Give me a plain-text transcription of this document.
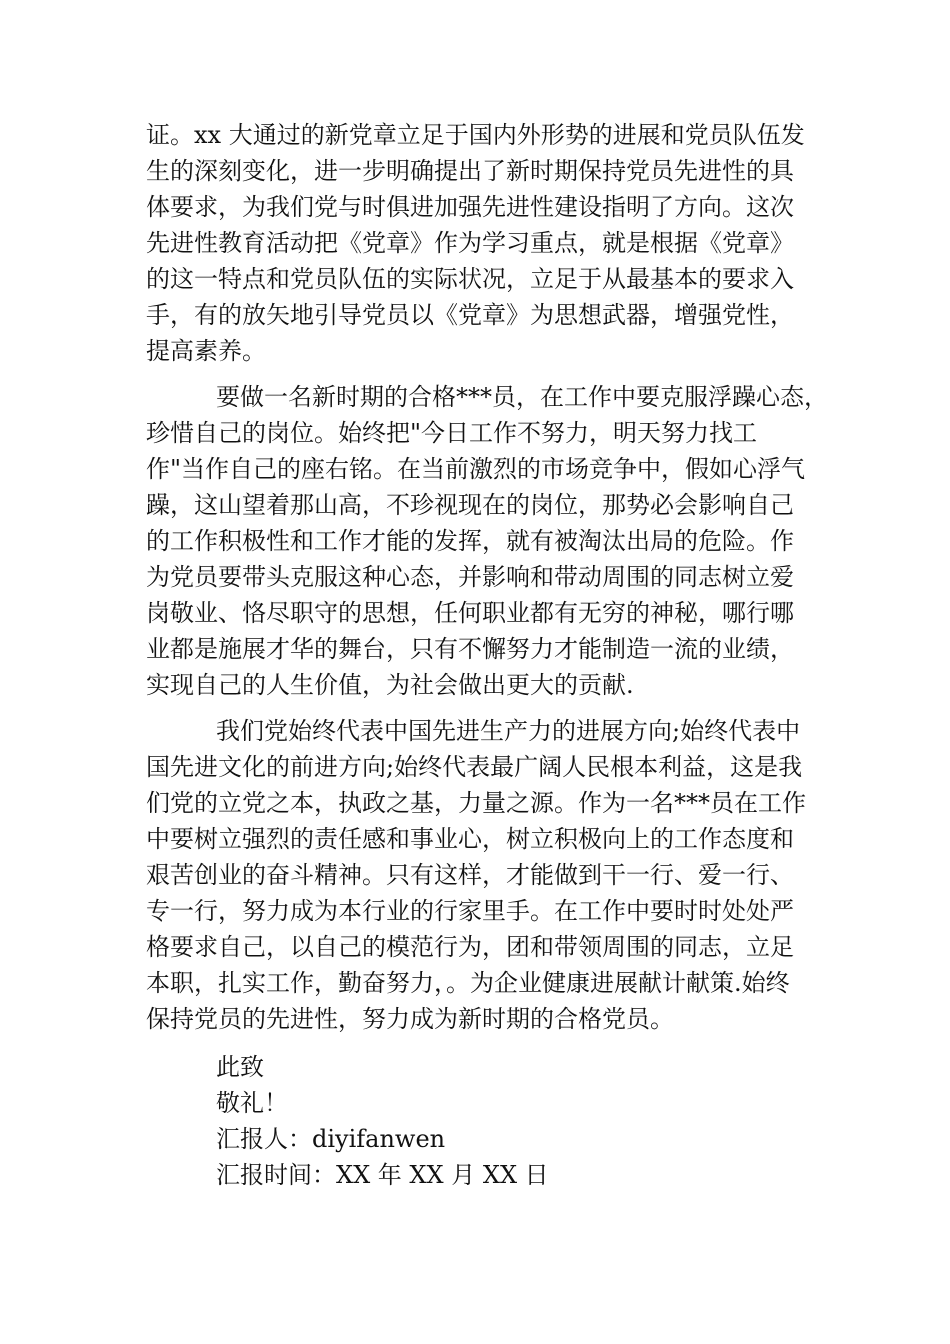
证。xx 大通过的新党章立足于国内外形势的进展和党员队伍发
生的深刻变化，进一步明确提出了新时期保持党员先进性的具
体要求，为我们党与时俱进加强先进性建设指明了方向。这次
先进性教育活动把《党章》作为学习重点，就是根据《党章》
的这一特点和党员队伍的实际状况，立足于从最基本的要求入
手，有的放矢地引导党员以《党章》为思想武器，增强党性，
提高素养。
要做一名新时期的合格***员，在工作中要克服浮躁心态，
珍惜自己的岗位。始终把"今日工作不努力，明天努力找工
作"当作自己的座右铭。在当前激烈的市场竞争中，假如心浮气
躁，这山望着那山高，不珍视现在的岗位，那势必会影响自己
的工作积极性和工作才能的发挥，就有被淘汰出局的危险。作
为党员要带头克服这种心态，并影响和带动周围的同志树立爱
岗敬业、恪尽职守的思想，任何职业都有无穷的神秘，哪行哪
业都是施展才华的舞台，只有不懈努力才能制造一流的业绩，
实现自己的人生价值，为社会做出更大的贡献.
我们党始终代表中国先进生产力的进展方向;始终代表中
国先进文化的前进方向;始终代表最广阔人民根本利益，这是我
们党的立党之本，执政之基，力量之源。作为一名***员在工作
中要树立强烈的责任感和事业心，树立积极向上的工作态度和
艰苦创业的奋斗精神。只有这样，才能做到干一行、爱一行、
专一行，努力成为本行业的行家里手。在工作中要时时处处严
格要求自己，以自己的模范行为，团和带领周围的同志，立足
本职，扎实工作，勤奋努力，。为企业健康进展献计献策.始终
保持党员的先进性，努力成为新时期的合格党员。
此致
敬礼！
汇报人：diyifanwen
汇报时间：XX 年 XX 月 XX 日
